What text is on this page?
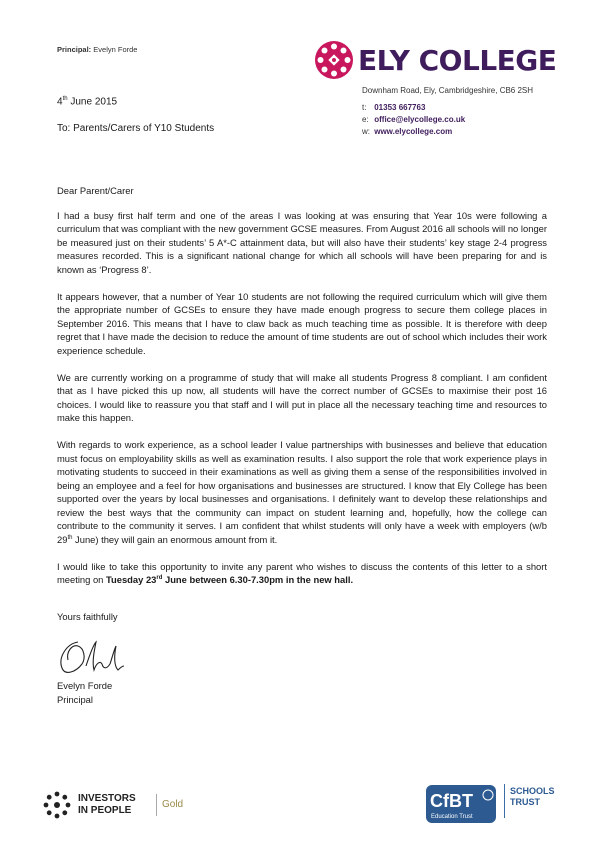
Principal: Evelyn Forde	ELY COLLEGE
Downham Road, Ely, Cambridgeshire, CB6 2SH
t: 01353 667763
e: office@elycollege.co.uk
w: www.elycollege.com
4th June 2015
To: Parents/Carers of Y10 Students

Dear Parent/Carer

I had a busy first half term and one of the areas I was looking at was ensuring that Year 10s were following a curriculum that was compliant with the new government GCSE measures. From August 2016 all schools will no longer be measured just on their students’ 5 A*-C attainment data, but will also have their students’ key stage 2-4 progress measures recorded. This is a significant national change for which all schools will have been preparing for and is known as ‘Progress 8’.

It appears however, that a number of Year 10 students are not following the required curriculum which will give them the appropriate number of GCSEs to ensure they have made enough progress to secure them college places in September 2016. This means that I have to claw back as much teaching time as possible. It is therefore with deep regret that I have made the decision to reduce the amount of time students are out of school which includes their work experience schedule.

We are currently working on a programme of study that will make all students Progress 8 compliant. I am confident that as I have picked this up now, all students will have the correct number of GCSEs to maximise their post 16 choices. I would like to reassure you that staff and I will put in place all the necessary teaching time and resources to make this happen.

With regards to work experience, as a school leader I value partnerships with businesses and believe that education must focus on employability skills as well as examination results. I also support the role that work experience plays in motivating students to succeed in their examinations as well as giving them a sense of the responsibilities involved in being an employee and a feel for how organisations and businesses are structured. I know that Ely College has been supported over the years by local businesses and organisations. I definitely want to develop these relationships and review the best ways that the community can impact on student learning and, hopefully, how the college can contribute to the community it serves. I am confident that whilst students will only have a week with employers (w/b 29th June) they will gain an enormous amount from it.

I would like to take this opportunity to invite any parent who wishes to discuss the contents of this letter to a short meeting on Tuesday 23rd June between 6.30-7.30pm in the new hall.

Yours faithfully
Evelyn Forde
Principal
INVESTORS
IN PEOPLE
Gold	CfBT
Education Trust
SCHOOLS
TRUST
